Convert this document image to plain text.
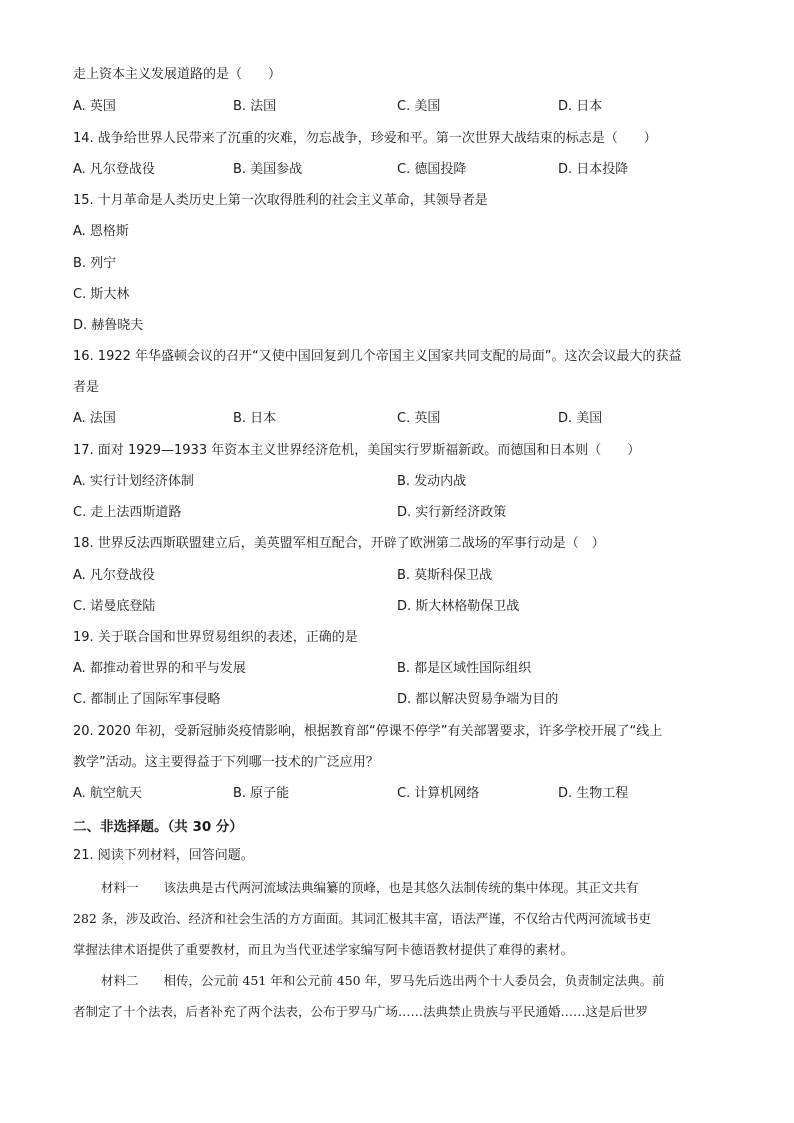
走上资本主义发展道路的是（　　）
A. 英国	B. 法国	C. 美国	D. 日本
14. 战争给世界人民带来了沉重的灾难，勿忘战争，珍爱和平。第一次世界大战结束的标志是（　　）
A. 凡尔登战役	B. 美国参战	C. 德国投降	D. 日本投降
15. 十月革命是人类历史上第一次取得胜利的社会主义革命，其领导者是
A. 恩格斯
B. 列宁
C. 斯大林
D. 赫鲁晓夫
16. 1922 年华盛顿会议的召开“又使中国回复到几个帝国主义国家共同支配的局面”。这次会议最大的获益
者是
A. 法国	B. 日本	C. 英国	D. 美国
17. 面对 1929—1933 年资本主义世界经济危机，美国实行罗斯福新政。而德国和日本则（　　）
A. 实行计划经济体制	B. 发动内战
C. 走上法西斯道路	D. 实行新经济政策
18. 世界反法西斯联盟建立后，美英盟军相互配合，开辟了欧洲第二战场的军事行动是（　）
A. 凡尔登战役	B. 莫斯科保卫战
C. 诺曼底登陆	D. 斯大林格勒保卫战
19. 关于联合国和世界贸易组织的表述，正确的是
A. 都推动着世界的和平与发展	B. 都是区域性国际组织
C. 都制止了国际军事侵略	D. 都以解决贸易争端为目的
20. 2020 年初，受新冠肺炎疫情影响，根据教育部“停课不停学”有关部署要求，许多学校开展了“线上
教学”活动。这主要得益于下列哪一技术的广泛应用？
A. 航空航天	B. 原子能	C. 计算机网络	D. 生物工程
二、非选择题。（共 30 分）
21. 阅读下列材料，回答问题。
材料一　　该法典是古代两河流域法典编纂的顶峰，也是其悠久法制传统的集中体现。其正文共有
282 条，涉及政治、经济和社会生活的方方面面。其词汇极其丰富，语法严谨，不仅给古代两河流域书吏
掌握法律术语提供了重要教材，而且为当代亚述学家编写阿卡德语教材提供了难得的素材。
材料二　　相传，公元前 451 年和公元前 450 年，罗马先后选出两个十人委员会，负责制定法典。前
者制定了十个法表，后者补充了两个法表，公布于罗马广场……法典禁止贵族与平民通婚……这是后世罗
